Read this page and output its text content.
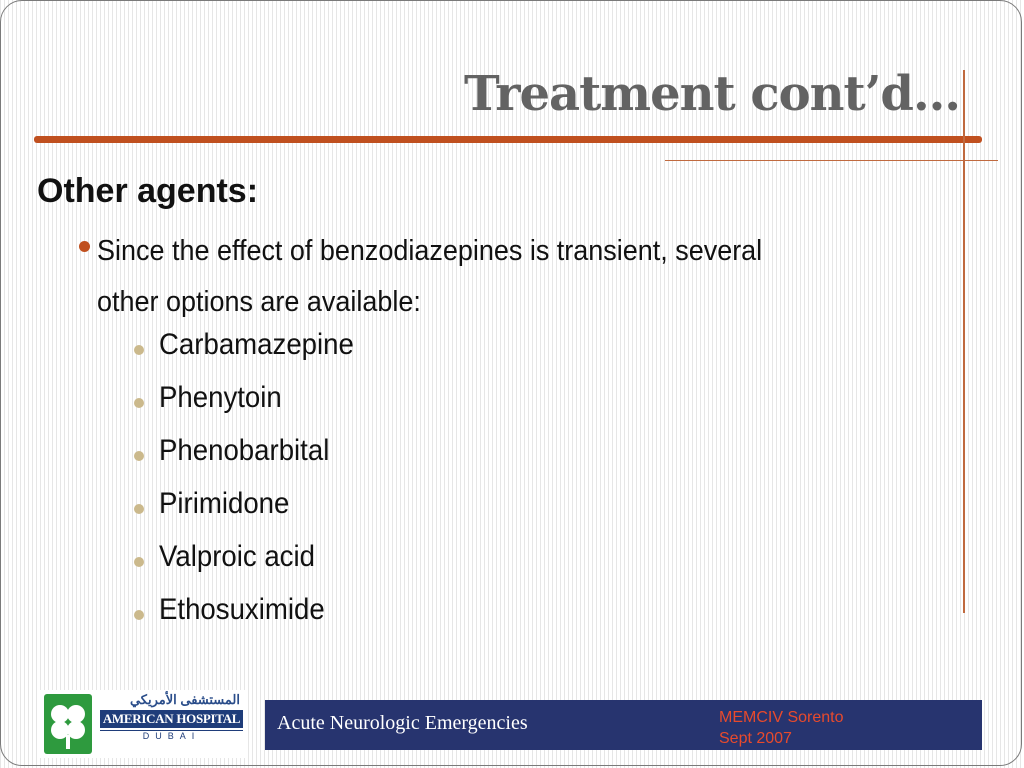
Treatment cont’d…
Other agents:
Since the effect of benzodiazepines is transient, several other options are available:
Carbamazepine
Phenytoin
Phenobarbital
Pirimidone
Valproic acid
Ethosuximide
المستشفى الأمريكي
AMERICAN HOSPITAL
DUBAI
Acute Neurologic Emergencies	MEMCIV Sorento
Sept 2007
